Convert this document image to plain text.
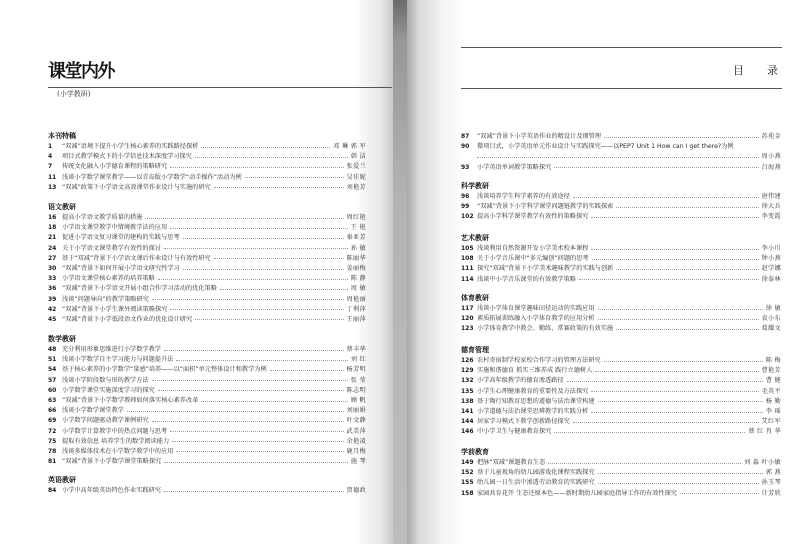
课堂内外
(小学教研)
本刊特稿
1	“双减”语境下提升小学生核心素养的实践路径探析	邓 琳 郭 军
4	项目式教学模式下的小学信息技术深度学习探究	韩 洁
7	传统文化融入小学德育课程的策略研究	张爱兰
11 浅谈小学数学课堂教学——以青岛版小学数学“动手操作”活动为例	吴佳妮
13 “双减”政策下小学语文高效课堂作业设计与实施的研究	刘艳芳
语文教研
16 提高小学语文教学质量的措施	周红艳
18 小学语文课堂教学中情境教学法的应用	王 艳
21 促进小学语文复习课堂的建构的实践与思考	秦亚芳
24 关于小学语文课堂教学有效性的探讨	孙 敏
27 基于“双减”背景下小学语文课后作业设计与有效性研究	陈丽华
30 “双减”背景下如何开展小学语文研究性学习	姜丽梅
33 小学语文课堂核心素养的培养策略	陈 静
36 “双减”背景下小学语文开展小组合作学习活动的优化策略	周 敏
39 浅谈“问题导向”的教学策略研究	周艳丽
42 “双减”背景下小学生课外阅读策略探究	丁利萍
45 “双减”背景下小学低段语文作业的优化设计研究	王丽萍
数学教研
48 充分利用形象思维进行小学数学教学	蔡丰华
51 浅谈小学数学自主学习能力与问题提升法	刘 红
54 基于核心素养的小学数学“量感”培养——以“面积”单元整体设计和教学为例	杨芳明
57 浅谈小学阶段数与形的教学方法	张 莹
60 小学数学课堂实施深度学习的探究	陈志明
63 “双减”背景下小学数学教师如何落实核心素养改革	顾 帆
66 浅谈小学数学课堂教学	刘丽娟
69 小学数学问题驱动教学课例研究	叶文静
72 小学数学计算教学中的热点问题与思考	武美萍
75 提取有效信息 培养学生的数学阅读能力	余艳凌
78 浅谈多媒体技术在小学数学教学中的应用	鹿月梅
81 “双减”背景下小学数学课堂策略探究	施 琴
英语教研
84 小学中高年级英语特色作业实践研究	贾德政
目　录
87	“双减”背景下小学英语作业的精设计及细管理	苏苑金
90	微项目式，小学英语单元作业设计与实践探究——以PEP7 Unit 1 How can I get there?为例
周小燕
93	小学英语单词教学策略探究	吕海燕
科学教研
96	浅谈培养学生科学素养的有效途径	唐伟建
99	“双减”背景下小学科学课堂问题链教学的实践探索	徐大兵
102 提高小学科学课堂教学有效性的策略探究	李变霞
艺术教研
105 浅谈利用自然资源开发小学美术校本课程	李小川
108 关于小学音乐课中“多元编创”问题的思考	钟小燕
111 探究“双减”背景下小学美术趣味教学的实践与创新	赵学娜
114 浅谈中小学音乐课堂的有效教学策略	徐泰林
体育教研
117 浅谈小学体育课堂趣味田径运动的实践应用	徐 敏
120 素质拓展训练融入小学体育教学的应用分析	袁小东
123 小学体育教学中教会、勤练、常赛政策的有效实施	葛耀文
德育管理
126 农村寄宿制学校家校合作学习的管理方法研究	陈 梅
129 实施和谐德育 抓实三维养成 践行立德树人	曹艳芳
132 小学高年级教学的德育渗透路径	曹 健
135 小学生心理健康教育的重要性及方法探究	毛英平
138 基于陶行知教育思想的道德与法治课堂构建	杨 勤
141 小学道德与法治课堂思辨教学的实践分析	李 瑶
144 居家学习模式下教学创新路径探究	艾红军
146 中小学卫生与健康教育探究	蔡 红 肖 华
学前教育
149 把脉“双减”课题教育生态	刘 淼 叶小敏
152 基于儿童视角的幼儿园游戏化课程实践探究	郭 燕
155 幼儿园一日生活中渗透劳动教育的实践研究	孙玉琴
158 家园共育花开 生态还原本色——新时期幼儿园家庭指导工作的有效性探究	计芳欣
